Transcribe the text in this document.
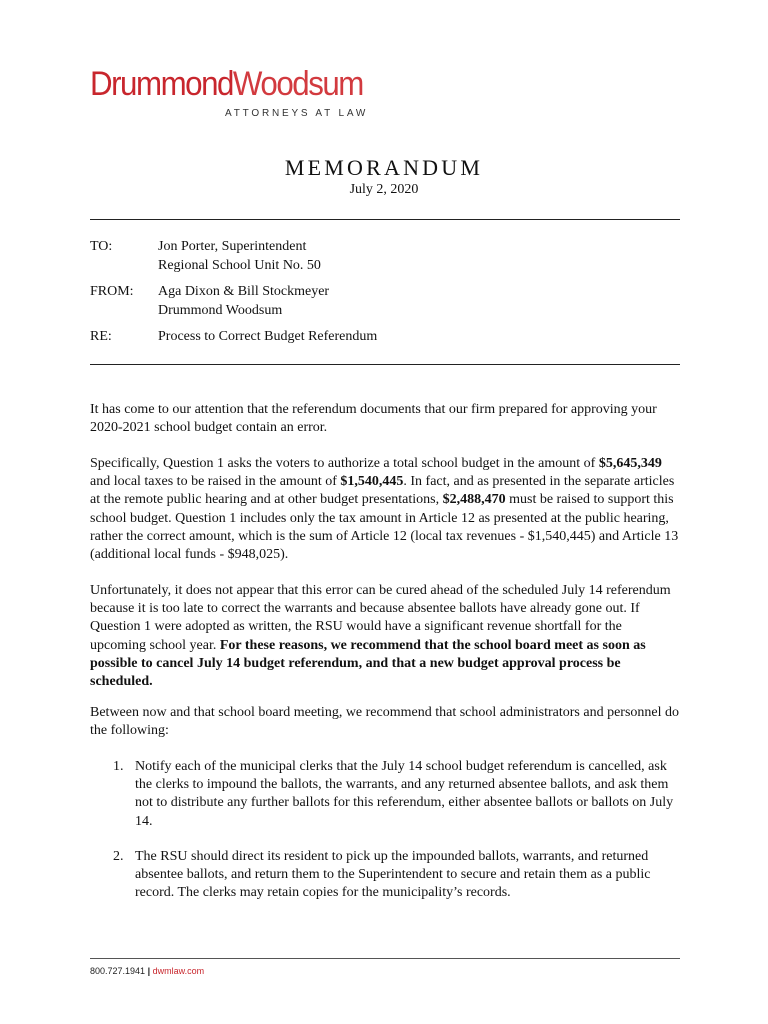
DrummondWoodsum
ATTORNEYS AT LAW
MEMORANDUM
July 2, 2020
TO:	Jon Porter, Superintendent
Regional School Unit No. 50
FROM: Aga Dixon & Bill Stockmeyer
Drummond Woodsum
RE:	Process to Correct Budget Referendum
It has come to our attention that the referendum documents that our firm prepared for approving your 2020-2021 school budget contain an error.
Specifically, Question 1 asks the voters to authorize a total school budget in the amount of $5,645,349 and local taxes to be raised in the amount of $1,540,445. In fact, and as presented in the separate articles at the remote public hearing and at other budget presentations, $2,488,470 must be raised to support this school budget. Question 1 includes only the tax amount in Article 12 as presented at the public hearing, rather the correct amount, which is the sum of Article 12 (local tax revenues - $1,540,445) and Article 13 (additional local funds - $948,025).
Unfortunately, it does not appear that this error can be cured ahead of the scheduled July 14 referendum because it is too late to correct the warrants and because absentee ballots have already gone out. If Question 1 were adopted as written, the RSU would have a significant revenue shortfall for the upcoming school year. For these reasons, we recommend that the school board meet as soon as possible to cancel July 14 budget referendum, and that a new budget approval process be scheduled.
Between now and that school board meeting, we recommend that school administrators and personnel do the following:
1. Notify each of the municipal clerks that the July 14 school budget referendum is cancelled, ask the clerks to impound the ballots, the warrants, and any returned absentee ballots, and ask them not to distribute any further ballots for this referendum, either absentee ballots or ballots on July 14.
2. The RSU should direct its resident to pick up the impounded ballots, warrants, and returned absentee ballots, and return them to the Superintendent to secure and retain them as a public record. The clerks may retain copies for the municipality’s records.
800.727.1941 | dwmlaw.com
